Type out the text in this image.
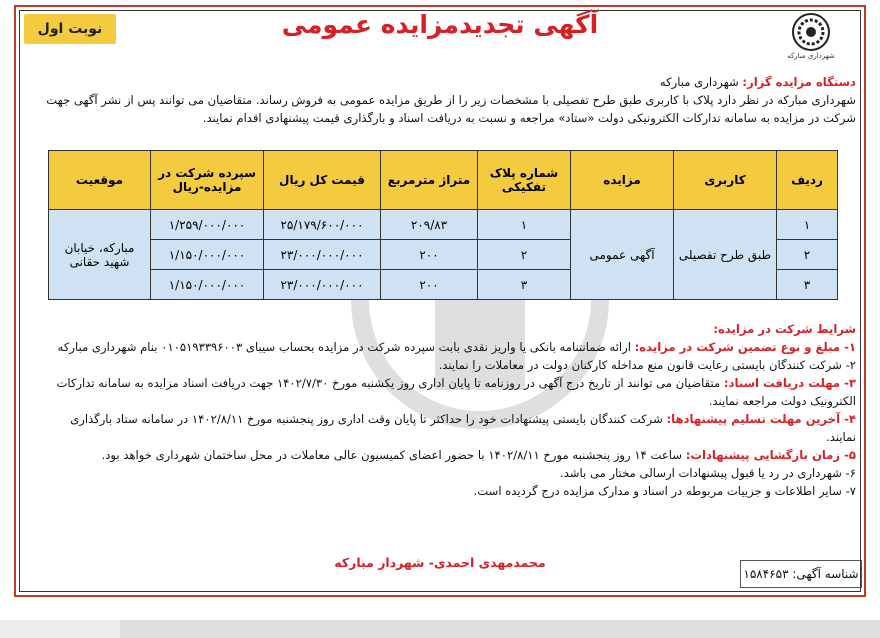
نوبت اول	آگهی تجدیدمزایده عمومی
شهرداری مبارکه
دستگاه مزایده گزار: شهرداری مبارکه
شهرداری مبارکه در نظر دارد پلاک با کاربری طبق طرح تفصیلی با مشخصات زیر را از طریق مزایده عمومی به فروش رساند. متقاضیان می توانند پس از نشر آگهی جهت شرکت در مزایده به سامانه تدارکات الکترونیکی دولت «ستاد» مراجعه و نسبت به دریافت اسناد و بارگذاری قیمت پیشنهادی اقدام نمایند.
ردیف	کاربری	مزایده	شماره پلاک تفکیکی	متراژ مترمربع	قیمت کل ریال	سپرده شرکت در مزایده-ریال	موقعیت
۱	طبق طرح تفصیلی	آگهی عمومی	۱	۲۰۹/۸۳	۲۵/۱۷۹/۶۰۰/۰۰۰	۱/۲۵۹/۰۰۰/۰۰۰	مبارکه، خیابان شهید حقانی
۲			۲	۲۰۰	۲۳/۰۰۰/۰۰۰/۰۰۰	۱/۱۵۰/۰۰۰/۰۰۰	
۳			۳	۲۰۰	۲۳/۰۰۰/۰۰۰/۰۰۰	۱/۱۵۰/۰۰۰/۰۰۰	
شرایط شرکت در مزایده:
۱- مبلغ و نوع تضمین شرکت در مزایده: ارائه ضمانتنامه بانکی یا واریز نقدی بابت سپرده شرکت در مزایده بحساب سیبای ۰۱۰۵۱۹۳۳۹۶۰۰۳ بنام شهرداری مبارکه
۲- شرکت کنندگان بایستی رعایت قانون منع مداخله کارکنان دولت در معاملات را نمایند.
۳- مهلت دریافت اسناد: متقاضیان می توانند از تاریخ درج آگهی در روزنامه تا پایان اداری روز یکشنبه مورخ ۱۴۰۲/۷/۳۰ جهت دریافت اسناد مزایده به سامانه تدارکات الکترونیک دولت مراجعه نمایند.
۴- آخرین مهلت تسلیم پیشنهادها: شرکت کنندگان بایستی پیشنهادات خود را حداکثر تا پایان وقت اداری روز پنجشنبه مورخ ۱۴۰۲/۸/۱۱ در سامانه ستاد بارگذاری نمایند.
۵- زمان بازگشایی پیشنهادات: ساعت ۱۴ روز پنجشنبه مورخ ۱۴۰۲/۸/۱۱ با حضور اعضای کمیسیون عالی معاملات در محل ساختمان شهرداری خواهد بود.
۶- شهرداری در رد یا قبول پیشنهادات ارسالی مختار می باشد.
۷- سایر اطلاعات و جزییات مربوطه در اسناد و مدارک مزایده درج گردیده است.
محمدمهدی احمدی- شهردار مبارکه
شناسه آگهی:

۱۵۸۴۶۵۳
